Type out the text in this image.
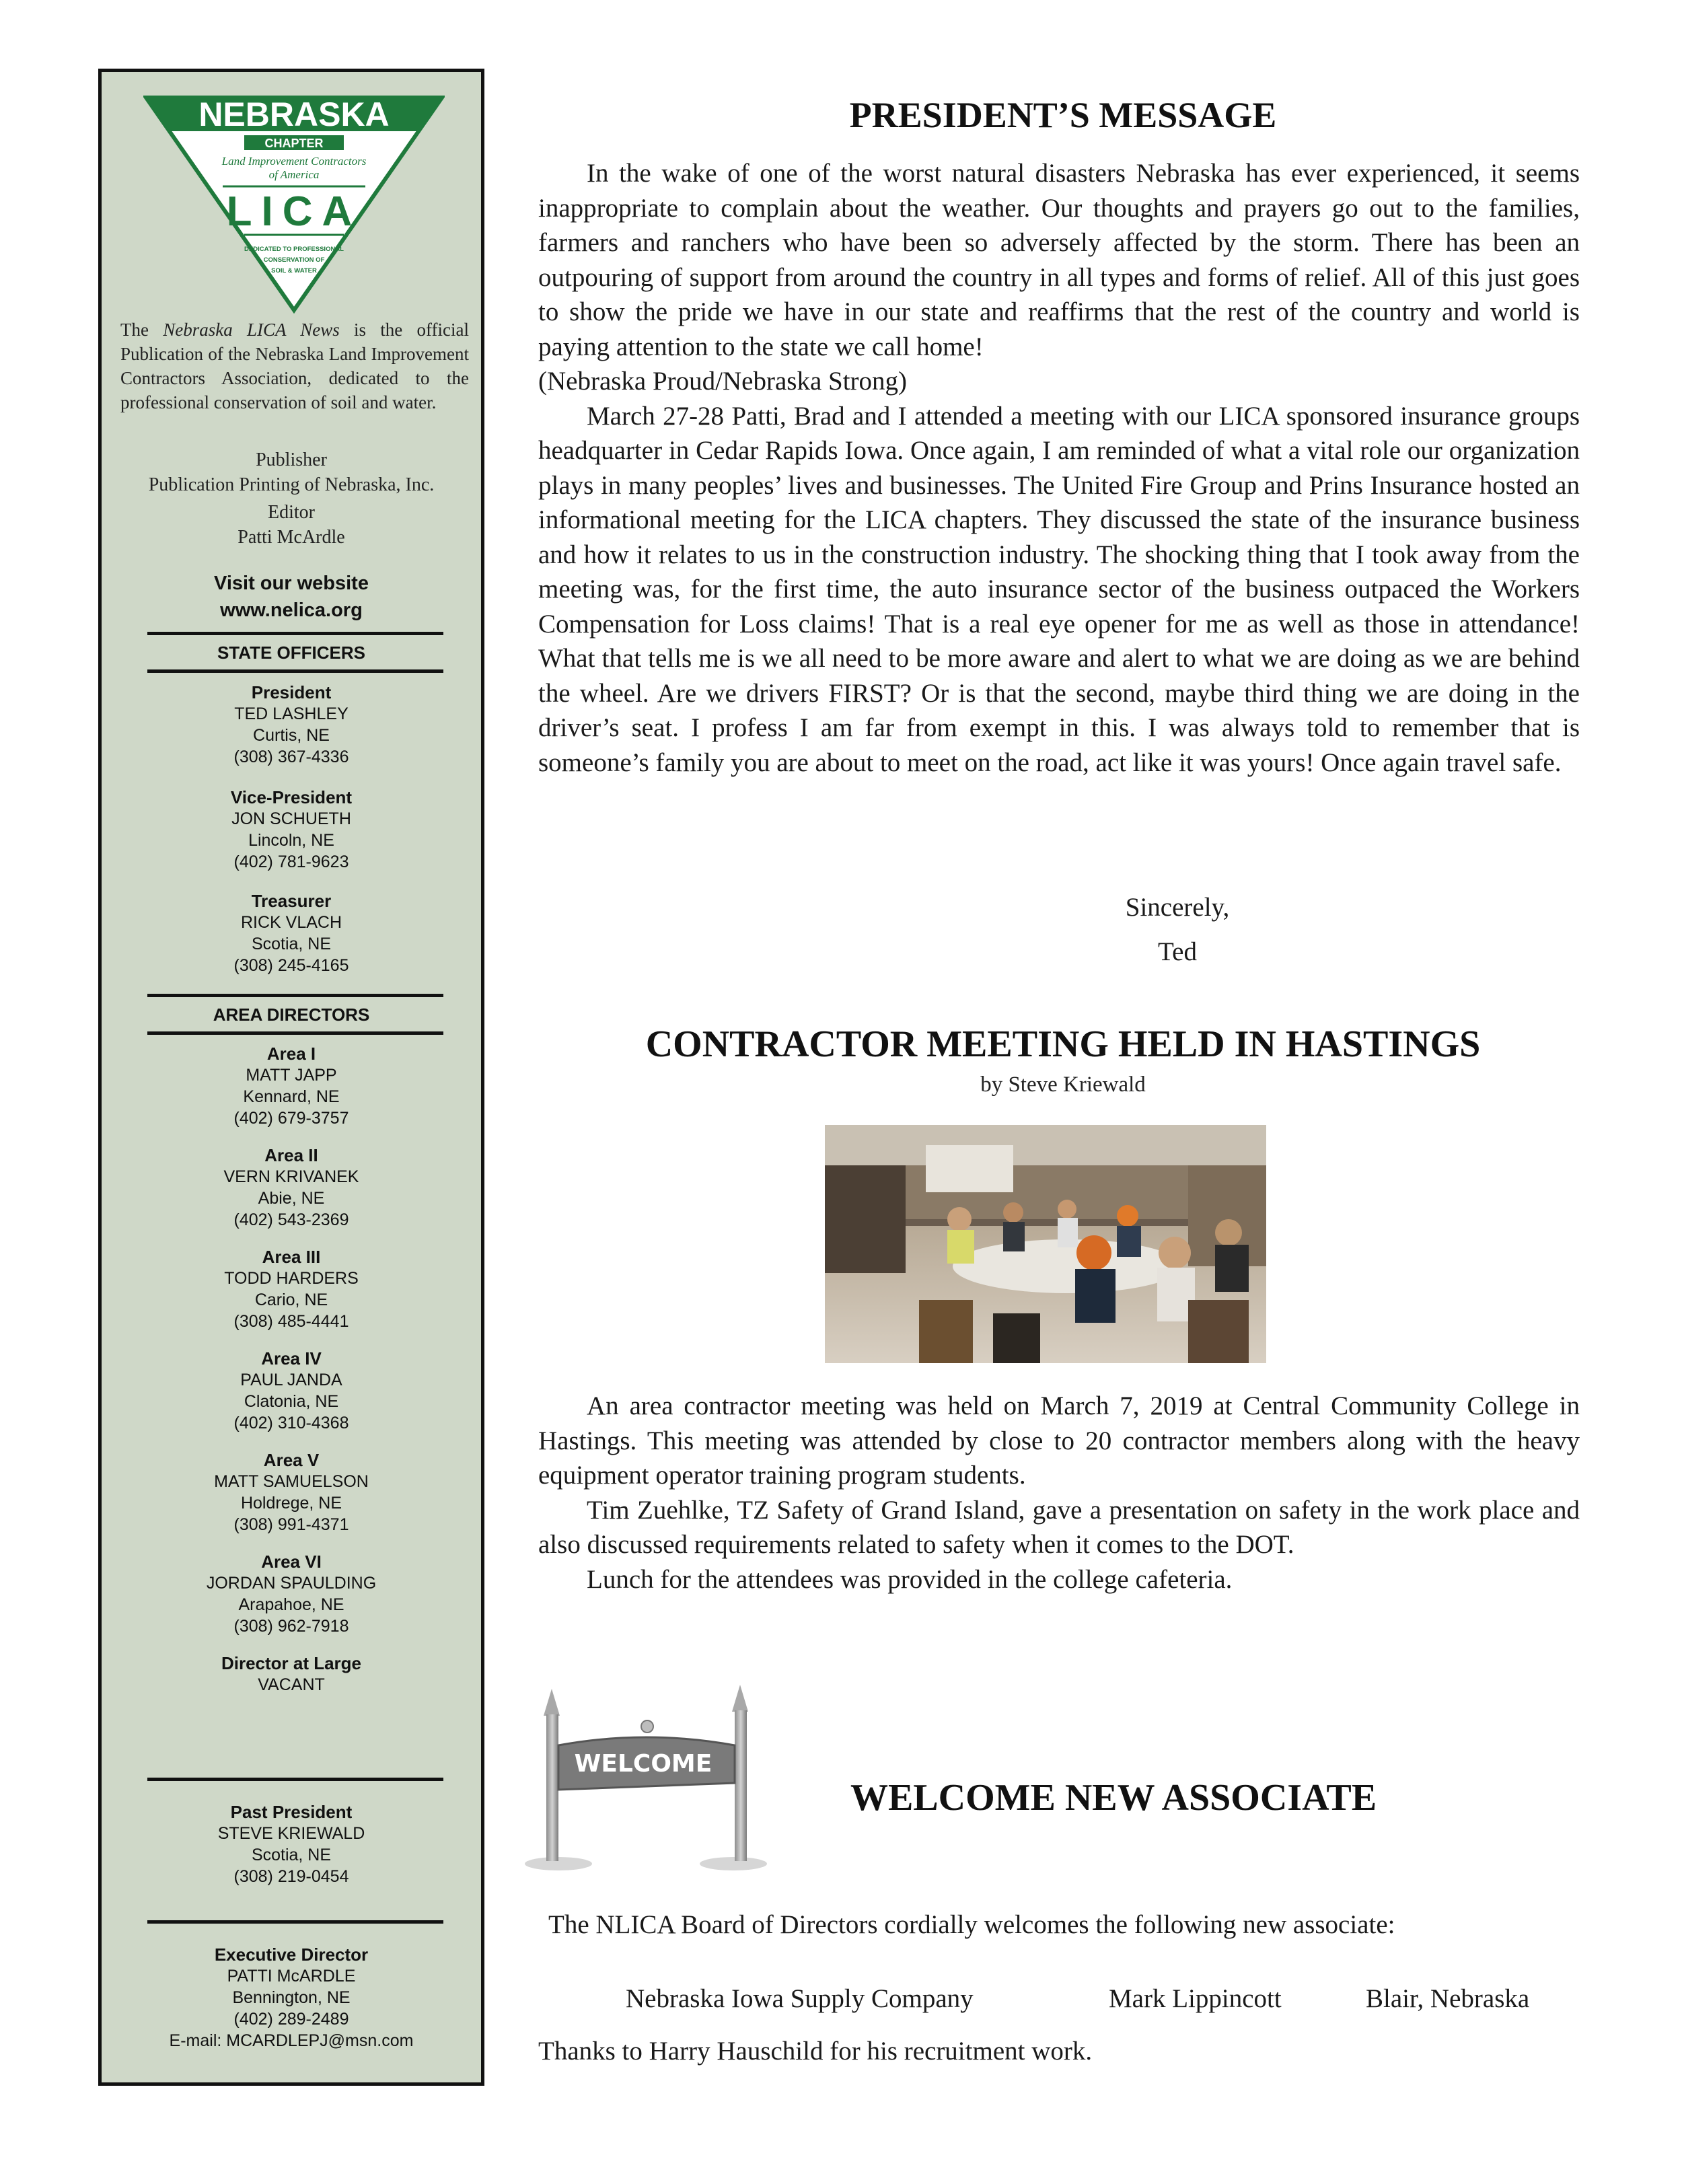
NEBRASKA
CHAPTER
Land Improvement Contractors
of America
LICA
DEDICATED TO PROFESSIONAL
CONSERVATION OF
SOIL & WATER
The Nebraska LICA News is the official Publication of the Nebraska Land Improvement Contractors Association, dedicated to the professional conservation of soil and water.
Publisher
Publication Printing of Nebraska, Inc.
Editor
Patti McArdle
Visit our website
www.nelica.org
STATE OFFICERS
President
TED LASHLEY
Curtis, NE
(308) 367-4336
Vice-President
JON SCHUETH
Lincoln, NE
(402) 781-9623
Treasurer
RICK VLACH
Scotia, NE
(308) 245-4165
AREA DIRECTORS
Area I
MATT JAPP
Kennard, NE
(402) 679-3757
Area II
VERN KRIVANEK
Abie, NE
(402) 543-2369
Area III
TODD HARDERS
Cario, NE
(308) 485-4441
Area IV
PAUL JANDA
Clatonia, NE
(402) 310-4368
Area V
MATT SAMUELSON
Holdrege, NE
(308) 991-4371
Area VI
JORDAN SPAULDING
Arapahoe, NE
(308) 962-7918
Director at Large
VACANT
Past President
STEVE KRIEWALD
Scotia, NE
(308) 219-0454
Executive Director
PATTI McARDLE
Bennington, NE
(402) 289-2489
E-mail: MCARDLEPJ@msn.com
PRESIDENT’S MESSAGE

In the wake of one of the worst natural disasters Nebraska has ever experienced, it seems inappropriate to complain about the weather. Our thoughts and prayers go out to the families, farmers and ranchers who have been so adversely affected by the storm. There has been an outpouring of support from around the country in all types and forms of relief. All of this just goes to show the pride we have in our state and reaffirms that the rest of the country and world is paying attention to the state we call home!

(Nebraska Proud/Nebraska Strong)

March 27-28 Patti, Brad and I attended a meeting with our LICA sponsored insurance groups headquarter in Cedar Rapids Iowa. Once again, I am reminded of what a vital role our organization plays in many peoples’ lives and businesses. The United Fire Group and Prins Insurance hosted an informational meeting for the LICA chapters. They discussed the state of the insurance business and how it relates to us in the construction industry. The shocking thing that I took away from the meeting was, for the first time, the auto insurance sector of the business outpaced the Workers Compensation for Loss claims! That is a real eye opener for me as well as those in attendance! What that tells me is we all need to be more aware and alert to what we are doing as we are behind the wheel. Are we drivers FIRST? Or is that the second, maybe third thing we are doing in the driver’s seat. I profess I am far from exempt in this. I was always told to remember that is someone’s family you are about to meet on the road, act like it was yours! Once again travel safe.

Sincerely,
Ted
CONTRACTOR MEETING HELD IN HASTINGS
by Steve Kriewald

An area contractor meeting was held on March 7, 2019 at Central Community College in Hastings. This meeting was attended by close to 20 contractor members along with the heavy equipment operator training program students.

Tim Zuehlke, TZ Safety of Grand Island, gave a presentation on safety in the work place and also discussed requirements related to safety when it comes to the DOT.

Lunch for the attendees was provided in the college cafeteria.

WELCOME
WELCOME NEW ASSOCIATE
The NLICA Board of Directors cordially welcomes the following new associate:
Nebraska Iowa Supply Company	Mark Lippincott	Blair, Nebraska
Thanks to Harry Hauschild for his recruitment work.
